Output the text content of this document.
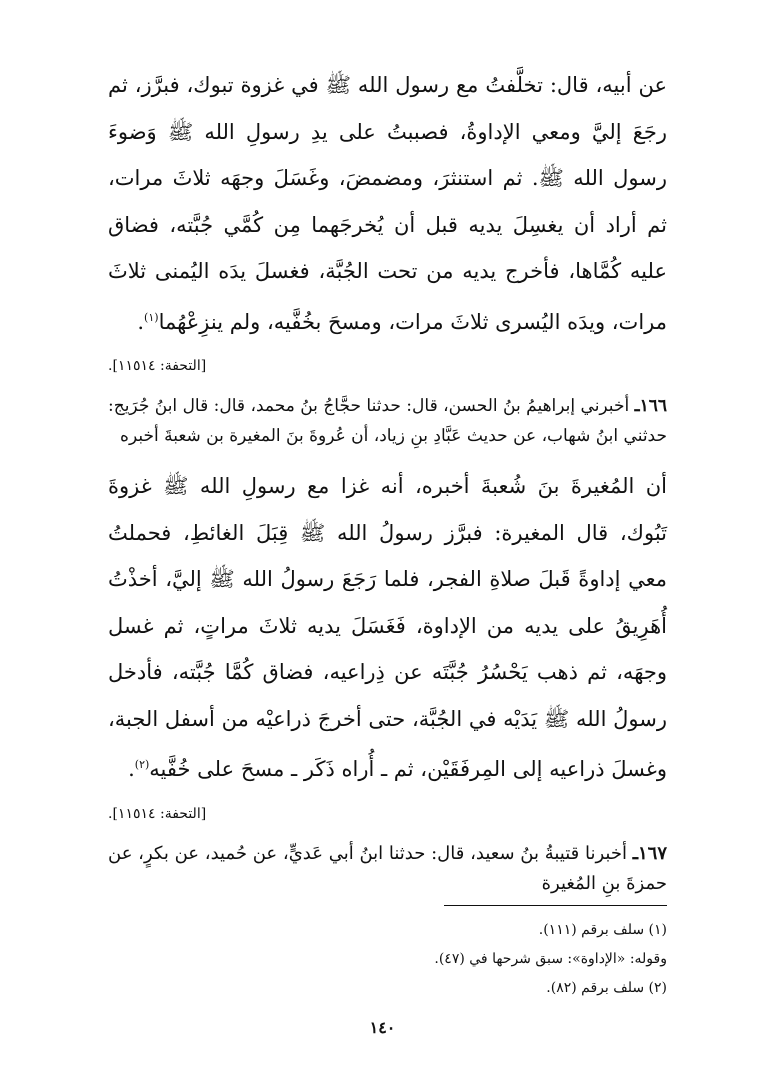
عن أبيه، قال: تخلَّفتُ مع رسول الله ﷺ في غزوة تبوك، فبرَّز، ثم رجَعَ إليَّ ومعي الإداوةُ، فصببتُ على يدِ رسولِ الله ﷺ وَضوءَ رسول الله ﷺ. ثم استنثرَ، ومضمضَ، وغَسَلَ وجهَه ثلاثَ مرات، ثم أراد أن يغسِلَ يديه قبل أن يُخرجَهما مِن كُمَّي جُبَّته، فضاق عليه كُمَّاها، فأخرج يديه من تحت الجُبَّة، فغسلَ يدَه اليُمنى ثلاثَ مرات، ويدَه اليُسرى ثلاثَ مرات، ومسحَ بخُفَّيه، ولم ينزِعْهُما$^{(١)}$.

[التحفة: ١١٥١٤].

١٦٦ـ أخبرني إبراهيمُ بنُ الحسن، قال: حدثنا حجَّاجُ بنُ محمد، قال: قال ابنُ جُرَيج: حدثني ابنُ شهاب، عن حديث عَبَّادِ بنِ زياد، أن عُروةَ بنَ المغيرة بن شعبةَ أخبره

أن المُغيرةَ بنَ شُعبةَ أخبره، أنه غزا مع رسولِ الله ﷺ غزوةَ تَبُوك، قال المغيرة: فبرَّز رسولُ الله ﷺ قِبَلَ الغائطِ، فحملتُ معي إداوةً قَبلَ صلاةِ الفجر، فلما رَجَعَ رسولُ الله ﷺ إليَّ، أخذْتُ أُهَرِيقُ على يديه من الإداوة، فَغَسَلَ يديه ثلاثَ مراتٍ، ثم غسل وجهَه، ثم ذهب يَحْسُرُ جُبَّتَه عن ذِراعيه، فضاق كُمَّا جُبَّته، فأدخل رسولُ الله ﷺ يَدَيْه في الجُبَّة، حتى أخرجَ ذراعيْه من أسفل الجبة، وغسلَ ذراعيه إلى المِرفَقَيْن، ثم ـ أُراه ذَكَر ـ مسحَ على خُفَّيه$^{(٢)}$.

[التحفة: ١١٥١٤].

١٦٧ـ أخبرنا قتيبةُ بنُ سعيد، قال: حدثنا ابنُ أبي عَديٍّ، عن حُميد، عن بكرٍ، عن حمزةَ بنِ المُغيرة

(١) سلف برقم (١١١).

وقوله: «الإداوة»: سبق شرحها في (٤٧).

(٢) سلف برقم (٨٢).

١٤٠
